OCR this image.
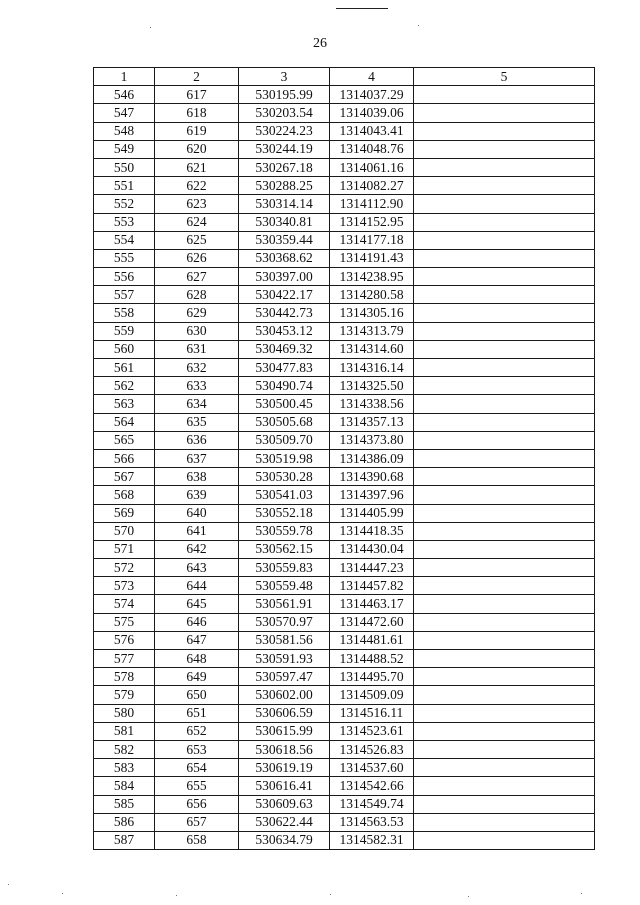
26
1	2	3	4	5
546	617	530195.99	1314037.29	
547	618	530203.54	1314039.06	
548	619	530224.23	1314043.41	
549	620	530244.19	1314048.76	
550	621	530267.18	1314061.16	
551	622	530288.25	1314082.27	
552	623	530314.14	1314112.90	
553	624	530340.81	1314152.95	
554	625	530359.44	1314177.18	
555	626	530368.62	1314191.43	
556	627	530397.00	1314238.95	
557	628	530422.17	1314280.58	
558	629	530442.73	1314305.16	
559	630	530453.12	1314313.79	
560	631	530469.32	1314314.60	
561	632	530477.83	1314316.14	
562	633	530490.74	1314325.50	
563	634	530500.45	1314338.56	
564	635	530505.68	1314357.13	
565	636	530509.70	1314373.80	
566	637	530519.98	1314386.09	
567	638	530530.28	1314390.68	
568	639	530541.03	1314397.96	
569	640	530552.18	1314405.99	
570	641	530559.78	1314418.35	
571	642	530562.15	1314430.04	
572	643	530559.83	1314447.23	
573	644	530559.48	1314457.82	
574	645	530561.91	1314463.17	
575	646	530570.97	1314472.60	
576	647	530581.56	1314481.61	
577	648	530591.93	1314488.52	
578	649	530597.47	1314495.70	
579	650	530602.00	1314509.09	
580	651	530606.59	1314516.11	
581	652	530615.99	1314523.61	
582	653	530618.56	1314526.83	
583	654	530619.19	1314537.60	
584	655	530616.41	1314542.66	
585	656	530609.63	1314549.74	
586	657	530622.44	1314563.53	
587	658	530634.79	1314582.31	
